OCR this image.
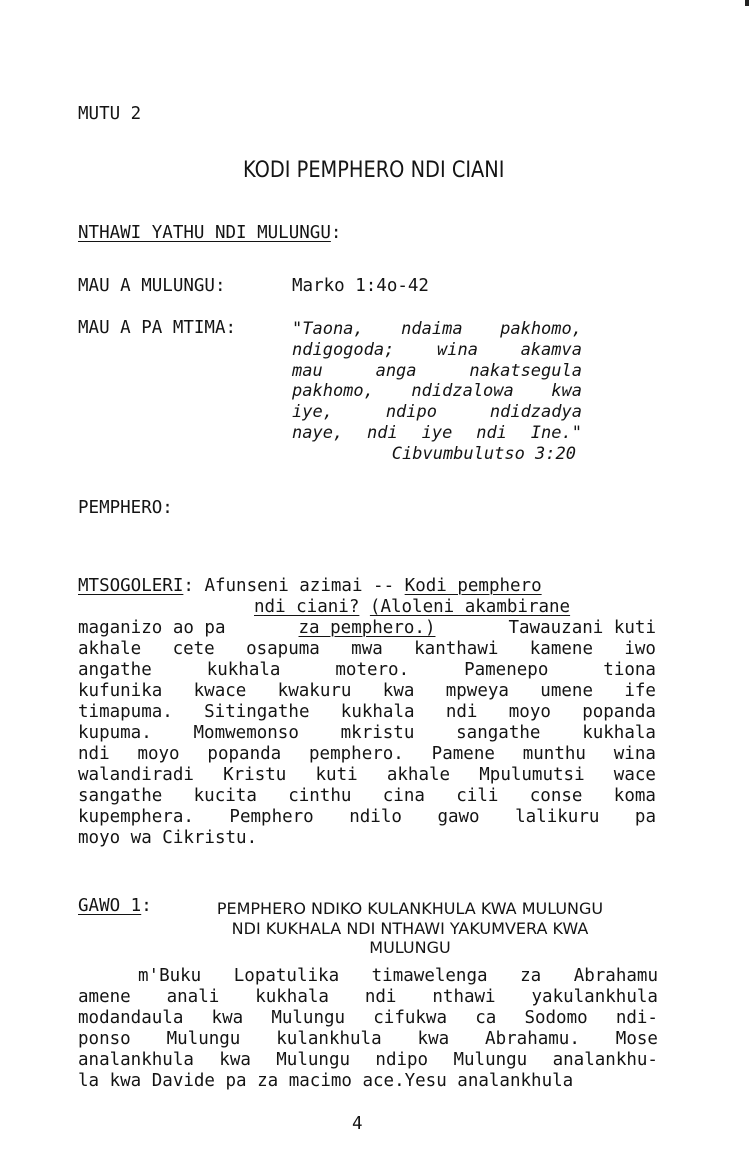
MUTU 2
KODI PEMPHERO NDI CIANI
NTHAWI YATHU NDI MULUNGU:
MAU A MULUNGU:	Marko 1:4o-42
MAU A PA MTIMA:	"Taona, ndaima pakhomo,
ndigogoda;	wina	akamva
mau	anga	nakatsegula
pakhomo, ndidzalowa kwa
iye,	ndipo	ndidzadya
naye, ndi iye ndi Ine."
Cibvumbulutso 3:20
PEMPHERO:
MTSOGOLERI: Afunseni azimai -- Kodi pemphero
ndi ciani? (Aloleni akambirane
maganizo ao pa	za pemphero.)	Tawauzani kuti
akhale cete osapuma mwa kanthawi kamene iwo
angathe	kukhala	motero.	Pamenepo	tiona
kufunika kwace kwakuru kwa mpweya umene ife
timapuma. Sitingathe kukhala ndi moyo popanda
kupuma. Momwemonso mkristu sangathe kukhala
ndi moyo popanda pemphero. Pamene munthu wina
walandiradi Kristu kuti akhale Mpulumutsi wace
sangathe kucita cinthu cina cili conse koma
kupemphera. Pemphero ndilo gawo lalikuru pa
moyo wa Cikristu.
GAWO 1:	PEMPHERO NDIKO KULANKHULA KWA MULUNGU
NDI KUKHALA NDI NTHAWI YAKUMVERA KWA
MULUNGU
m'Buku Lopatulika timawelenga za Abrahamu
amene anali kukhala ndi nthawi yakulankhula
modandaula kwa Mulungu cifukwa ca Sodomo ndi-
ponso Mulungu kulankhula kwa Abrahamu. Mose
analankhula kwa Mulungu ndipo Mulungu analankhu-
la kwa Davide pa za macimo ace.Yesu analankhula
4
